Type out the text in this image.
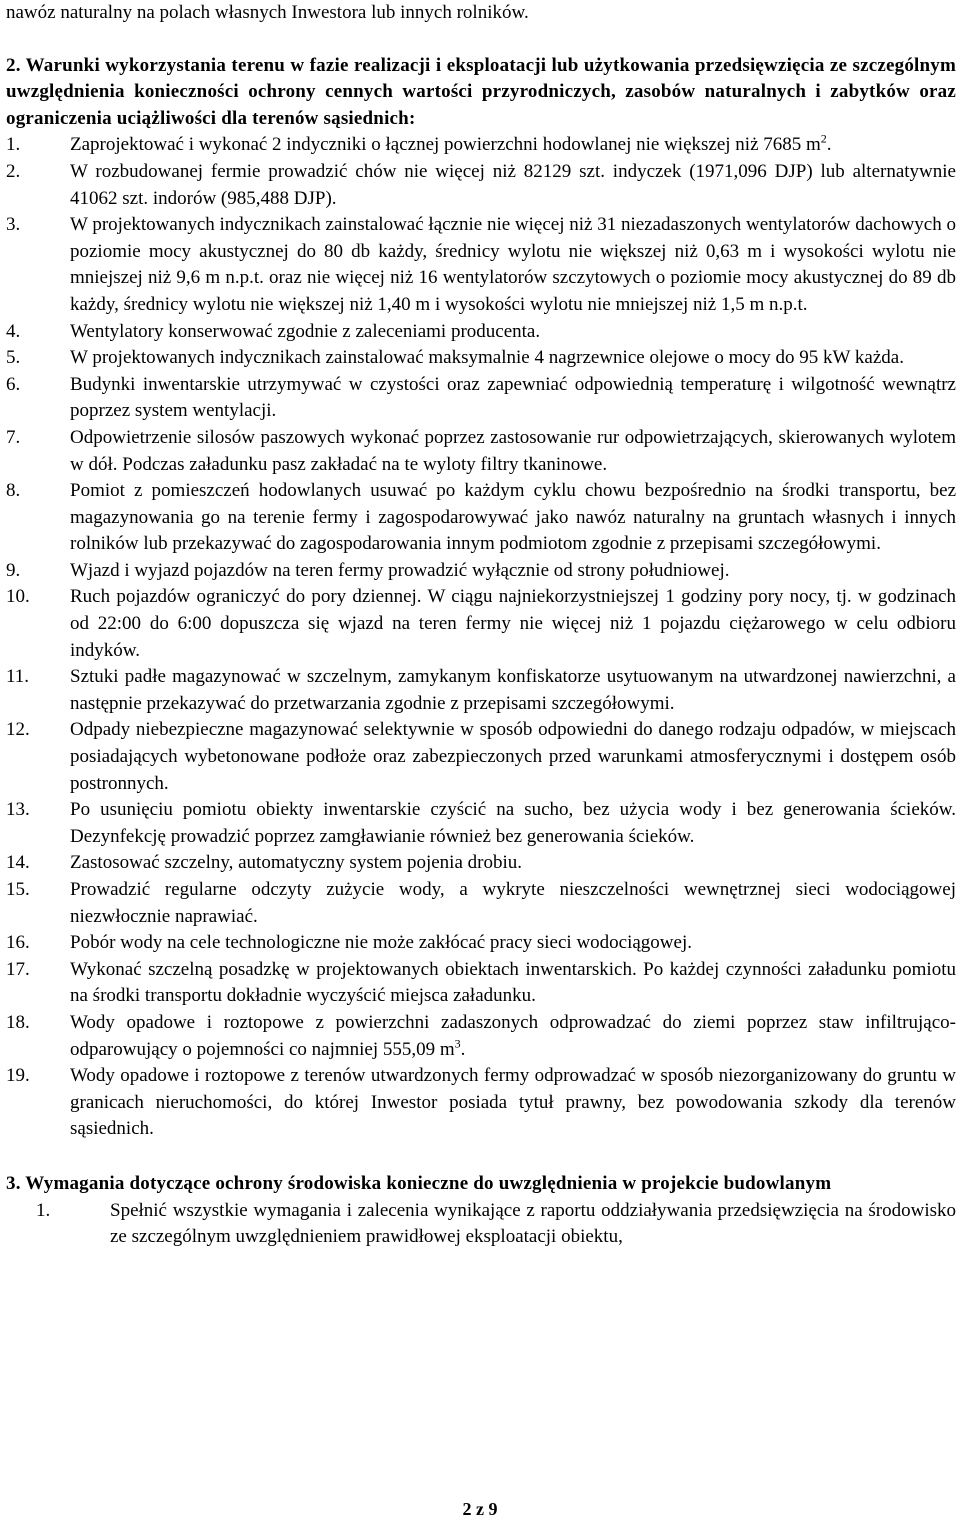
nawóz naturalny na polach własnych Inwestora lub innych rolników.

2. Warunki wykorzystania terenu w fazie realizacji i eksploatacji lub użytkowania przedsięwzięcia ze szczególnym uwzględnienia konieczności ochrony cennych wartości przyrodniczych, zasobów naturalnych i zabytków oraz ograniczenia uciążliwości dla terenów sąsiednich:

1.	Zaprojektować i wykonać 2 indyczniki o łącznej powierzchni hodowlanej nie większej niż 7685 $m^2$.
2.	W rozbudowanej fermie prowadzić chów nie więcej niż 82129 szt. indyczek (1971,096 DJP) lub alternatywnie 41062 szt. indorów (985,488 DJP).
3.	W projektowanych indycznikach zainstalować łącznie nie więcej niż 31 niezadaszonych wentylatorów dachowych o poziomie mocy akustycznej do 80 db każdy, średnicy wylotu nie większej niż 0,63 m i wysokości wylotu nie mniejszej niż 9,6 m n.p.t. oraz nie więcej niż 16 wentylatorów szczytowych o poziomie mocy akustycznej do 89 db każdy, średnicy wylotu nie większej niż 1,40 m i wysokości wylotu nie mniejszej niż 1,5 m n.p.t.
4.	Wentylatory konserwować zgodnie z zaleceniami producenta.
5.	W projektowanych indycznikach zainstalować maksymalnie 4 nagrzewnice olejowe o mocy do 95 kW każda.
6.	Budynki inwentarskie utrzymywać w czystości oraz zapewniać odpowiednią temperaturę i wilgotność wewnątrz poprzez system wentylacji.
7.	Odpowietrzenie silosów paszowych wykonać poprzez zastosowanie rur odpowietrzających, skierowanych wylotem w dół. Podczas załadunku pasz zakładać na te wyloty filtry tkaninowe.
8.	Pomiot z pomieszczeń hodowlanych usuwać po każdym cyklu chowu bezpośrednio na środki transportu, bez magazynowania go na terenie fermy i zagospodarowywać jako nawóz naturalny na gruntach własnych i innych rolników lub przekazywać do zagospodarowania innym podmiotom zgodnie z przepisami szczegółowymi.
9.	Wjazd i wyjazd pojazdów na teren fermy prowadzić wyłącznie od strony południowej.
10.	Ruch pojazdów ograniczyć do pory dziennej. W ciągu najniekorzystniejszej 1 godziny pory nocy, tj. w godzinach od 22:00 do 6:00 dopuszcza się wjazd na teren fermy nie więcej niż 1 pojazdu ciężarowego w celu odbioru indyków.
11.	Sztuki padłe magazynować w szczelnym, zamykanym konfiskatorze usytuowanym na utwardzonej nawierzchni, a następnie przekazywać do przetwarzania zgodnie z przepisami szczegółowymi.
12.	Odpady niebezpieczne magazynować selektywnie w sposób odpowiedni do danego rodzaju odpadów, w miejscach posiadających wybetonowane podłoże oraz zabezpieczonych przed warunkami atmosferycznymi i dostępem osób postronnych.
13.	Po usunięciu pomiotu obiekty inwentarskie czyścić na sucho, bez użycia wody i bez generowania ścieków. Dezynfekcję prowadzić poprzez zamgławianie również bez generowania ścieków.
14.	Zastosować szczelny, automatyczny system pojenia drobiu.
15.	Prowadzić regularne odczyty zużycie wody, a wykryte nieszczelności wewnętrznej sieci wodociągowej niezwłocznie naprawiać.
16.	Pobór wody na cele technologiczne nie może zakłócać pracy sieci wodociągowej.
17.	Wykonać szczelną posadzkę w projektowanych obiektach inwentarskich. Po każdej czynności załadunku pomiotu na środki transportu dokładnie wyczyścić miejsca załadunku.
18.	Wody opadowe i roztopowe z powierzchni zadaszonych odprowadzać do ziemi poprzez staw infiltrująco-odparowujący o pojemności co najmniej 555,09 $m^3$.
19.	Wody opadowe i roztopowe z terenów utwardzonych fermy odprowadzać w sposób niezorganizowany do gruntu w granicach nieruchomości, do której Inwestor posiada tytuł prawny, bez powodowania szkody dla terenów sąsiednich.

3. Wymagania dotyczące ochrony środowiska konieczne do uwzględnienia w projekcie budowlanym

1.	Spełnić wszystkie wymagania i zalecenia wynikające z raportu oddziaływania przedsięwzięcia na środowisko ze szczególnym uwzględnieniem prawidłowej eksploatacji obiektu,
2 z 9
